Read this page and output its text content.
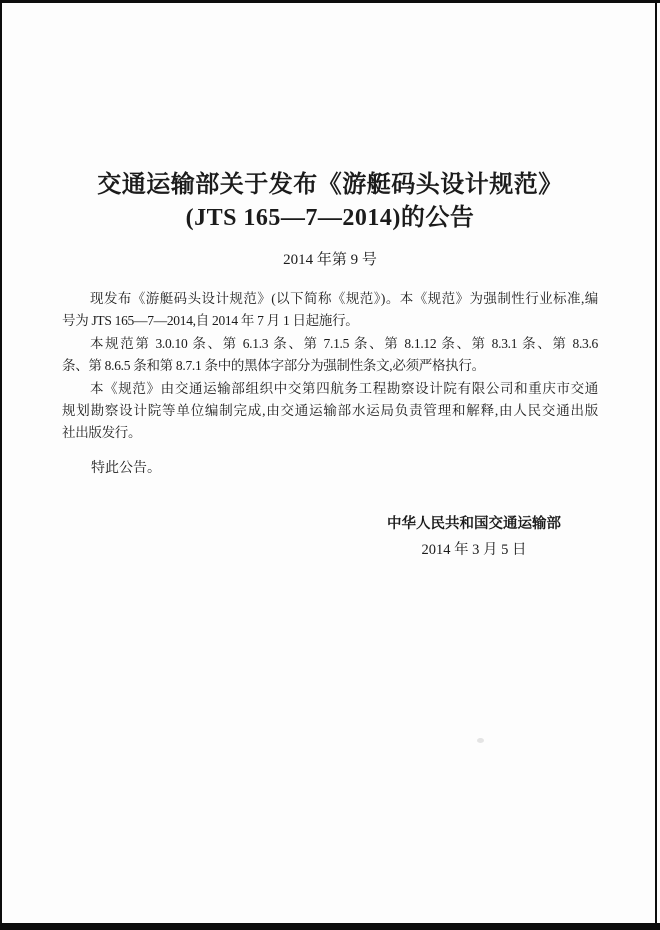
交通运输部关于发布《游艇码头设计规范》
(JTS 165—7—2014)的公告
2014 年第 9 号
现发布《游艇码头设计规范》(以下简称《规范》)。本《规范》为强制性行业标准,编
号为 JTS 165—7—2014,自 2014 年 7 月 1 日起施行。
本规范第 3.0.10 条、第 6.1.3 条、第 7.1.5 条、第 8.1.12 条、第 8.3.1 条、第 8.3.6
条、第 8.6.5 条和第 8.7.1 条中的黑体字部分为强制性条文,必须严格执行。
本《规范》由交通运输部组织中交第四航务工程勘察设计院有限公司和重庆市交通
规划勘察设计院等单位编制完成,由交通运输部水运局负责管理和解释,由人民交通出版
社出版发行。
特此公告。
中华人民共和国交通运输部
2014 年 3 月 5 日
